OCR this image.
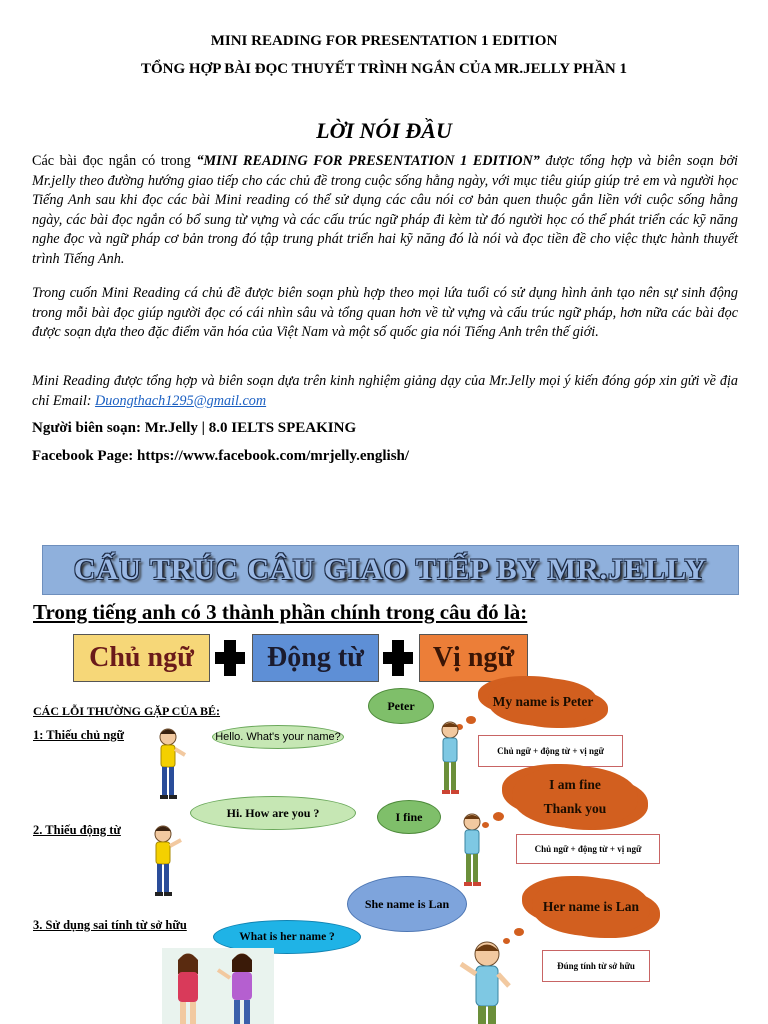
MINI READING FOR PRESENTATION 1 EDITION
TỔNG HỢP BÀI ĐỌC THUYẾT TRÌNH NGẮN CỦA MR.JELLY PHẦN 1
LỜI NÓI ĐẦU
Các bài đọc ngắn có trong “MINI READING FOR PRESENTATION 1 EDITION” được tổng hợp và biên soạn bởi Mr.jelly theo đường hướng giao tiếp cho các chủ đề trong cuộc sống hằng ngày, với mục tiêu giúp giúp trẻ em và người học Tiếng Anh sau khi đọc các bài Mini reading có thể sử dụng các câu nói cơ bản quen thuộc gắn liền với cuộc sống hằng ngày, các bài đọc ngắn có bổ sung từ vựng và các cấu trúc ngữ pháp đi kèm từ đó người học có thể phát triển các kỹ năng nghe đọc và ngữ pháp cơ bản trong đó tập trung phát triển hai kỹ năng đó là nói và đọc tiền đề cho việc thực hành thuyết trình Tiếng Anh.
Trong cuốn Mini Reading cá chủ đề được biên soạn phù hợp theo mọi lứa tuổi có sử dụng hình ảnh tạo nên sự sinh động trong mỗi bài đọc giúp người đọc có cái nhìn sâu và tổng quan hơn về từ vựng và cấu trúc ngữ pháp, hơn nữa các bài đọc được soạn dựa theo đặc điểm văn hóa của Việt Nam và một số quốc gia nói Tiếng Anh trên thế giới.
Mini Reading được tổng hợp và biên soạn dựa trên kinh nghiệm giảng dạy của Mr.Jelly mọi ý kiến đóng góp xin gửi về địa chỉ Email: Duongthach1295@gmail.com
Người biên soạn: Mr.Jelly | 8.0 IELTS SPEAKING
Facebook Page: https://www.facebook.com/mrjelly.english/
CẤU TRÚC CÂU GIAO TIẾP BY MR.JELLY
Trong tiếng anh có 3 thành phần chính trong câu đó là:
Chủ ngữ	Động từ	Vị ngữ
CÁC LỖI THƯỜNG GẶP CỦA BÉ:
1: Thiếu chủ ngữ	Hello. What's your name?
Peter	My name is Peter
Chủ ngữ + động từ + vị ngữ
2. Thiếu động từ
Hi. How are you ?	I fine
I am fine
Thank you
Chủ ngữ + động từ + vị ngữ
3. Sử dụng sai tính từ sở hữu
What is her name ?
She name is Lan	Her name is Lan
Đúng tính từ sở hữu
